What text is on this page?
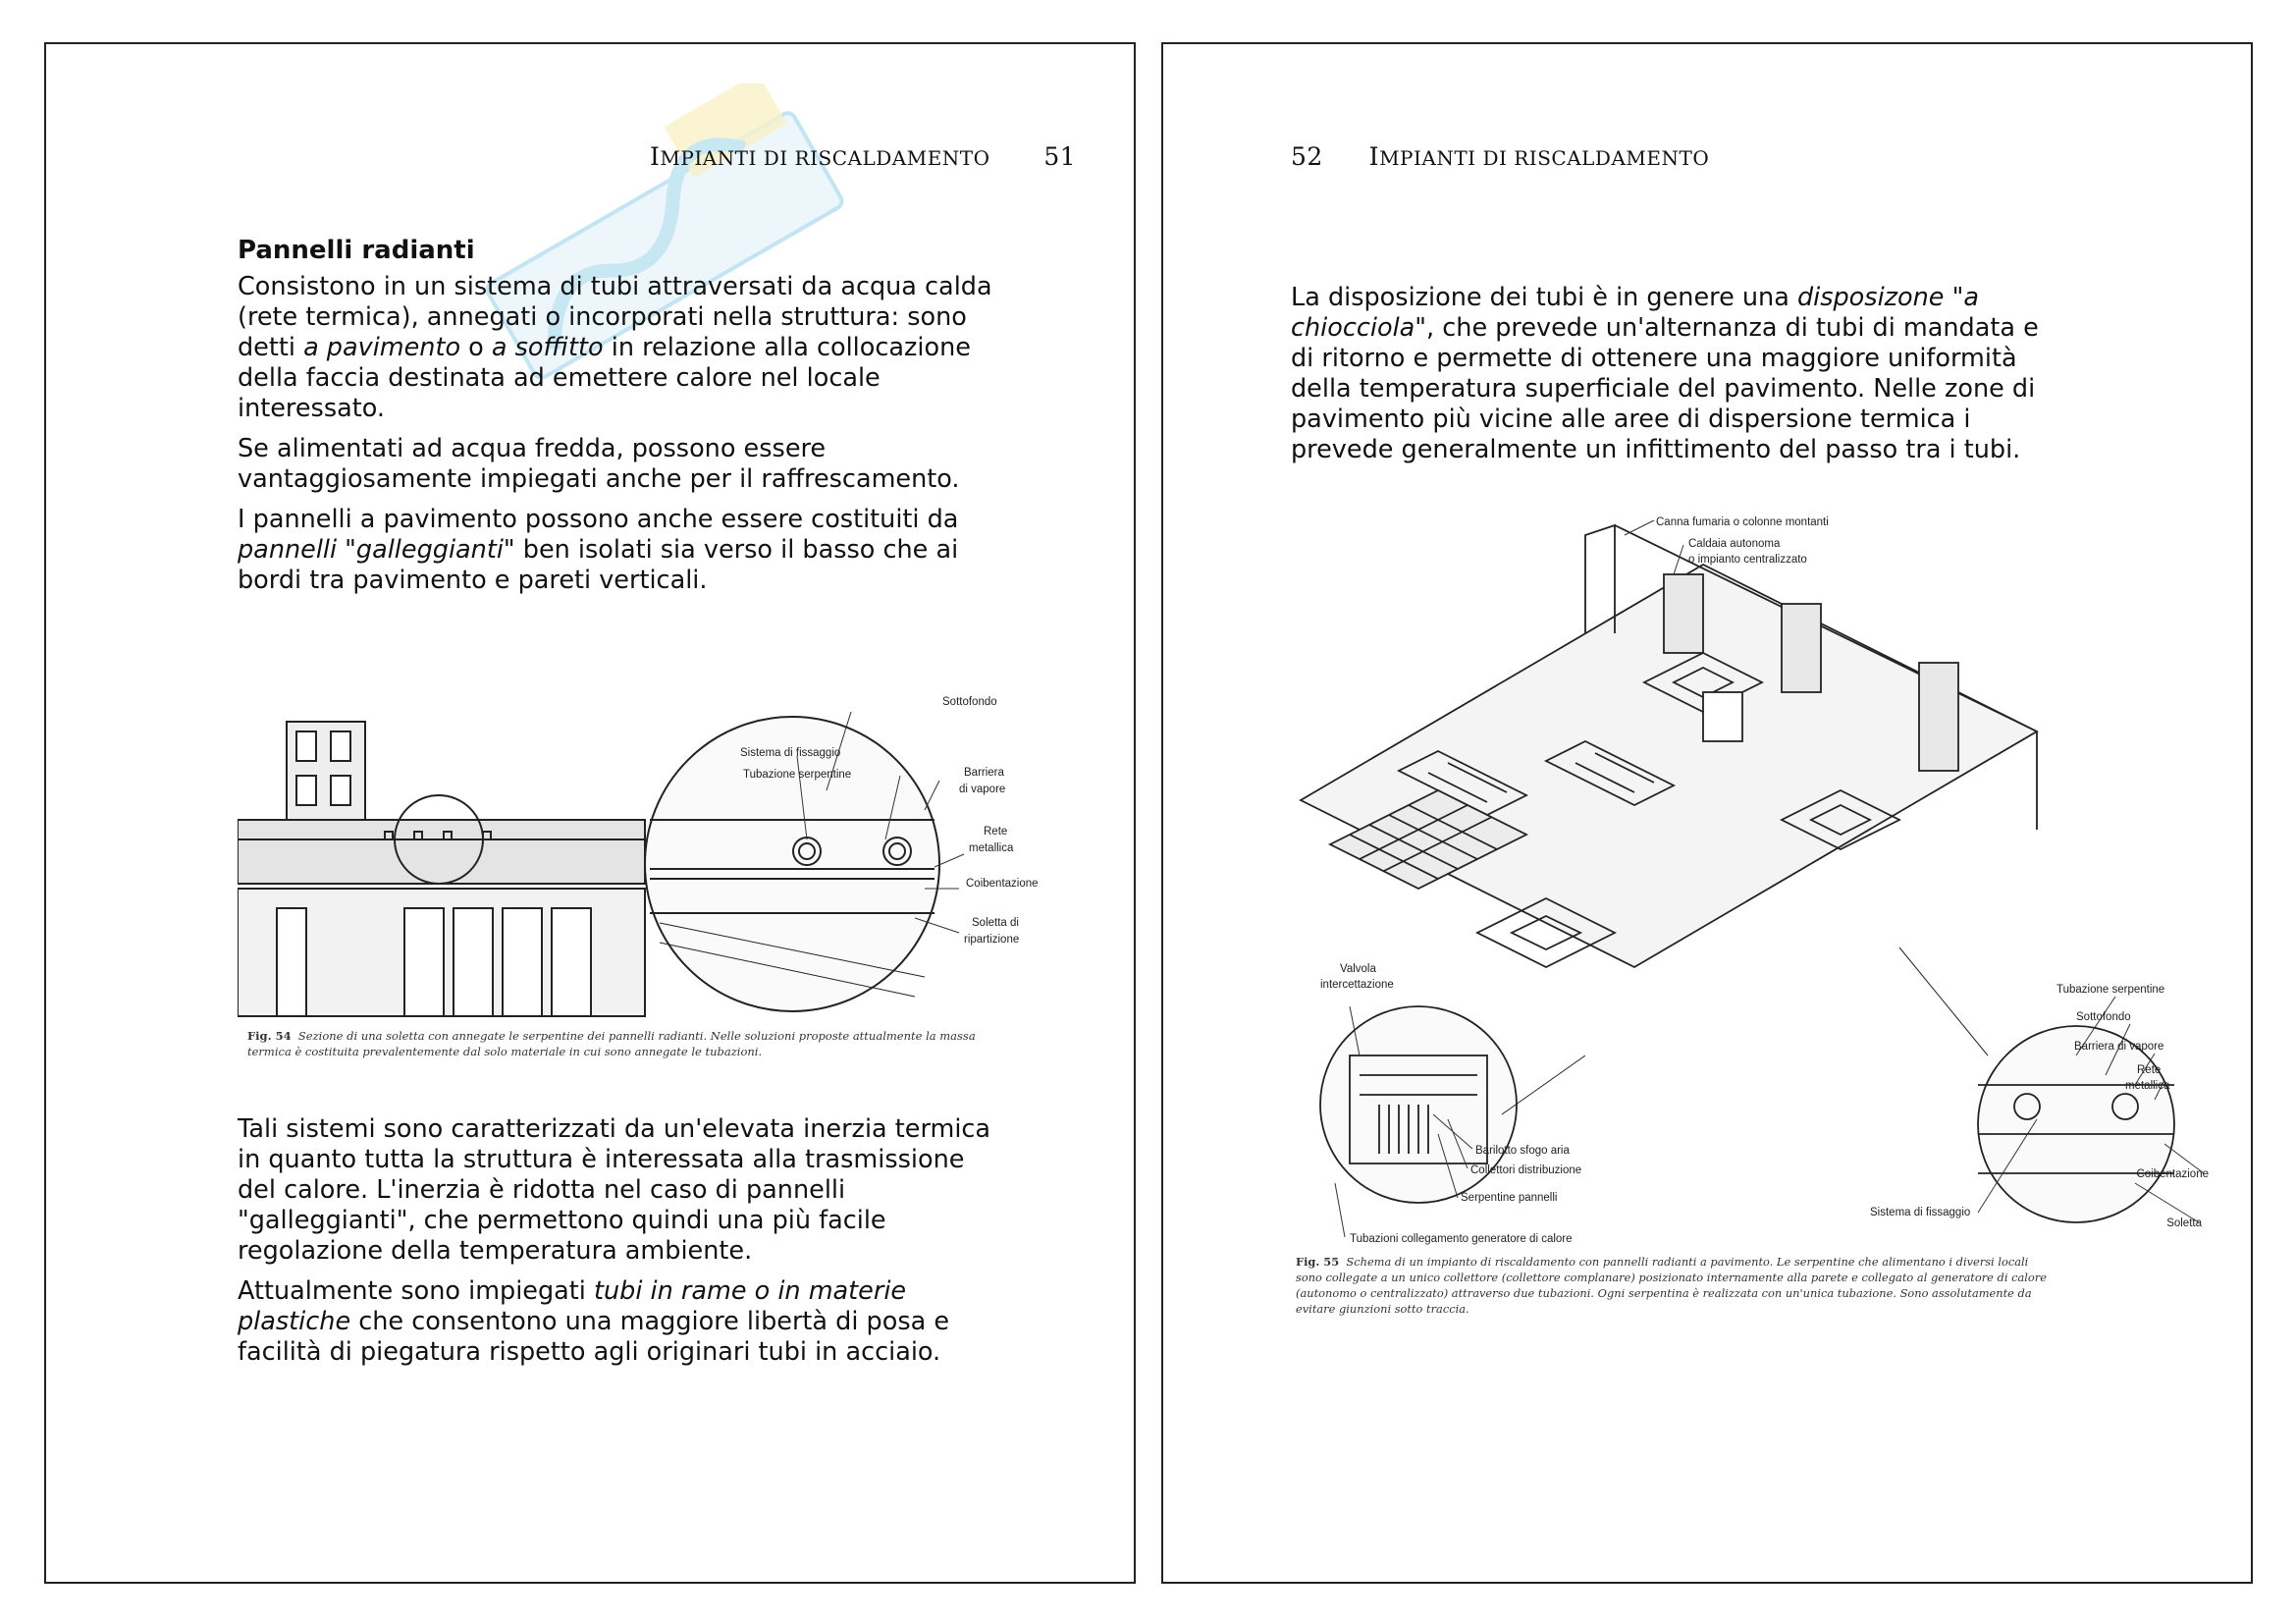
IMPIANTI DI RISCALDAMENTO 51
Pannelli radianti
Consistono in un sistema di tubi attraversati da acqua calda
(rete termica), annegati o incorporati nella struttura: sono
detti a pavimento o a soffitto in relazione alla collocazione
della faccia destinata ad emettere calore nel locale
interessato.
Se alimentati ad acqua fredda, possono essere
vantaggiosamente impiegati anche per il raffrescamento.
I pannelli a pavimento possono anche essere costituiti da
pannelli "galleggianti" ben isolati sia verso il basso che ai
bordi tra pavimento e pareti verticali.
Sottofondo
Sistema di fissaggio
Tubazione serpentine	Barriera
di vapore
Rete
metallica
Coibentazione
Soletta di
ripartizione
Fig. 54 Sezione di una soletta con annegate le serpentine dei pannelli radianti. Nelle soluzioni proposte attualmente la massa
termica è costituita prevalentemente dal solo materiale in cui sono annegate le tubazioni.
Tali sistemi sono caratterizzati da un'elevata inerzia termica
in quanto tutta la struttura è interessata alla trasmissione
del calore. L'inerzia è ridotta nel caso di pannelli
"galleggianti", che permettono quindi una più facile
regolazione della temperatura ambiente.
Attualmente sono impiegati tubi in rame o in materie
plastiche che consentono una maggiore libertà di posa e
facilità di piegatura rispetto agli originari tubi in acciaio.
52 IMPIANTI DI RISCALDAMENTO
La disposizione dei tubi è in genere una disposizone "a
chiocciola", che prevede un'alternanza di tubi di mandata e
di ritorno e permette di ottenere una maggiore uniformità
della temperatura superficiale del pavimento. Nelle zone di
pavimento più vicine alle aree di dispersione termica i
prevede generalmente un infittimento del passo tra i tubi.
Canna fumaria o colonne montanti
Caldaia autonoma
o impianto centralizzato
Tubazione serpentine
Sottofondo
Barriera di vapore
Rete
metallica
Valvola
intercettazione
Barilotto sfogo aria
Collettori distribuzione
Serpentine pannelli
Sistema di fissaggio
Coibentazione
Soletta
Tubazioni collegamento generatore di calore
Fig. 55 Schema di un impianto di riscaldamento con pannelli radianti a pavimento. Le serpentine che alimentano i diversi locali
sono collegate a un unico collettore (collettore complanare) posizionato internamente alla parete e collegato al generatore di calore
(autonomo o centralizzato) attraverso due tubazioni. Ogni serpentina è realizzata con un'unica tubazione. Sono assolutamente da
evitare giunzioni sotto traccia.
